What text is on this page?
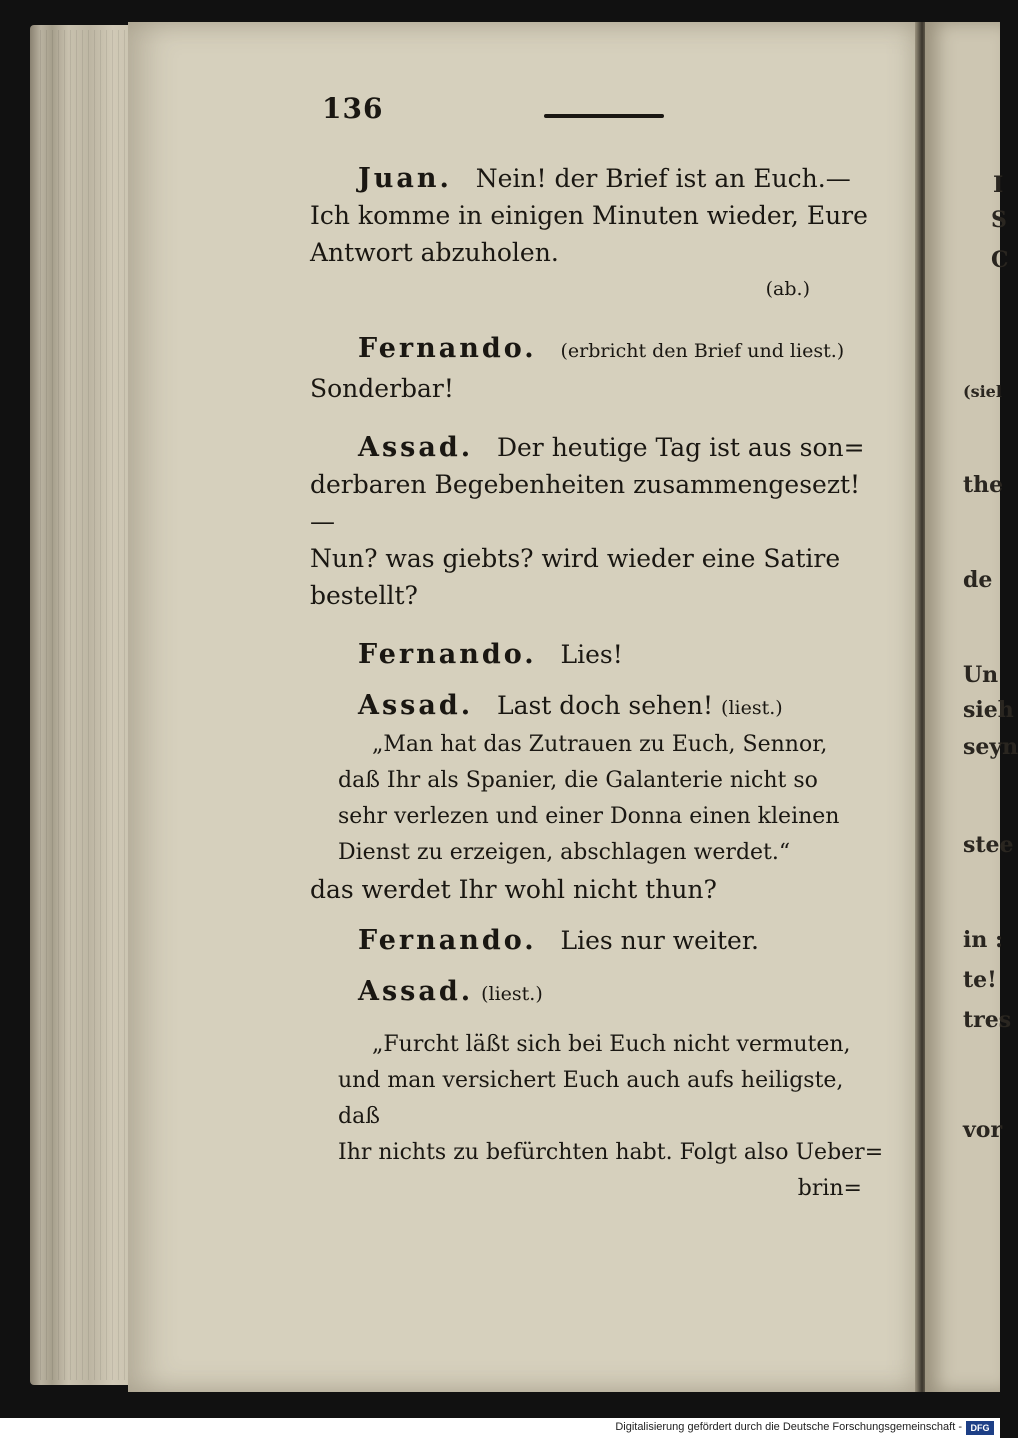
I
S
C
(siel
the
de
Un
sieh
seyn
stee
in :
te!
tres
vor
136

Juan. Nein! der Brief ist an Euch.—

Ich komme in einigen Minuten wieder, Eure

Antwort abzuholen.

(ab.)

Fernando. (erbricht den Brief und liest.)

Sonderbar!

Assad. Der heutige Tag ist aus son=

derbaren Begebenheiten zusammengesezt! —

Nun? was giebts? wird wieder eine Satire

bestellt?

Fernando. Lies!

Assad. Last doch sehen! (liest.)

„Man hat das Zutrauen zu Euch, Sennor,

daß Ihr als Spanier, die Galanterie nicht so

sehr verlezen und einer Donna einen kleinen

Dienst zu erzeigen, abschlagen werdet.“

das werdet Ihr wohl nicht thun?

Fernando. Lies nur weiter.

Assad. (liest.)

„Furcht läßt sich bei Euch nicht vermuten,

und man versichert Euch auch aufs heiligste, daß

Ihr nichts zu befürchten habt. Folgt also Ueber=

brin=

Digitalisierung gefördert durch die Deutsche Forschungsgemeinschaft - DFG
